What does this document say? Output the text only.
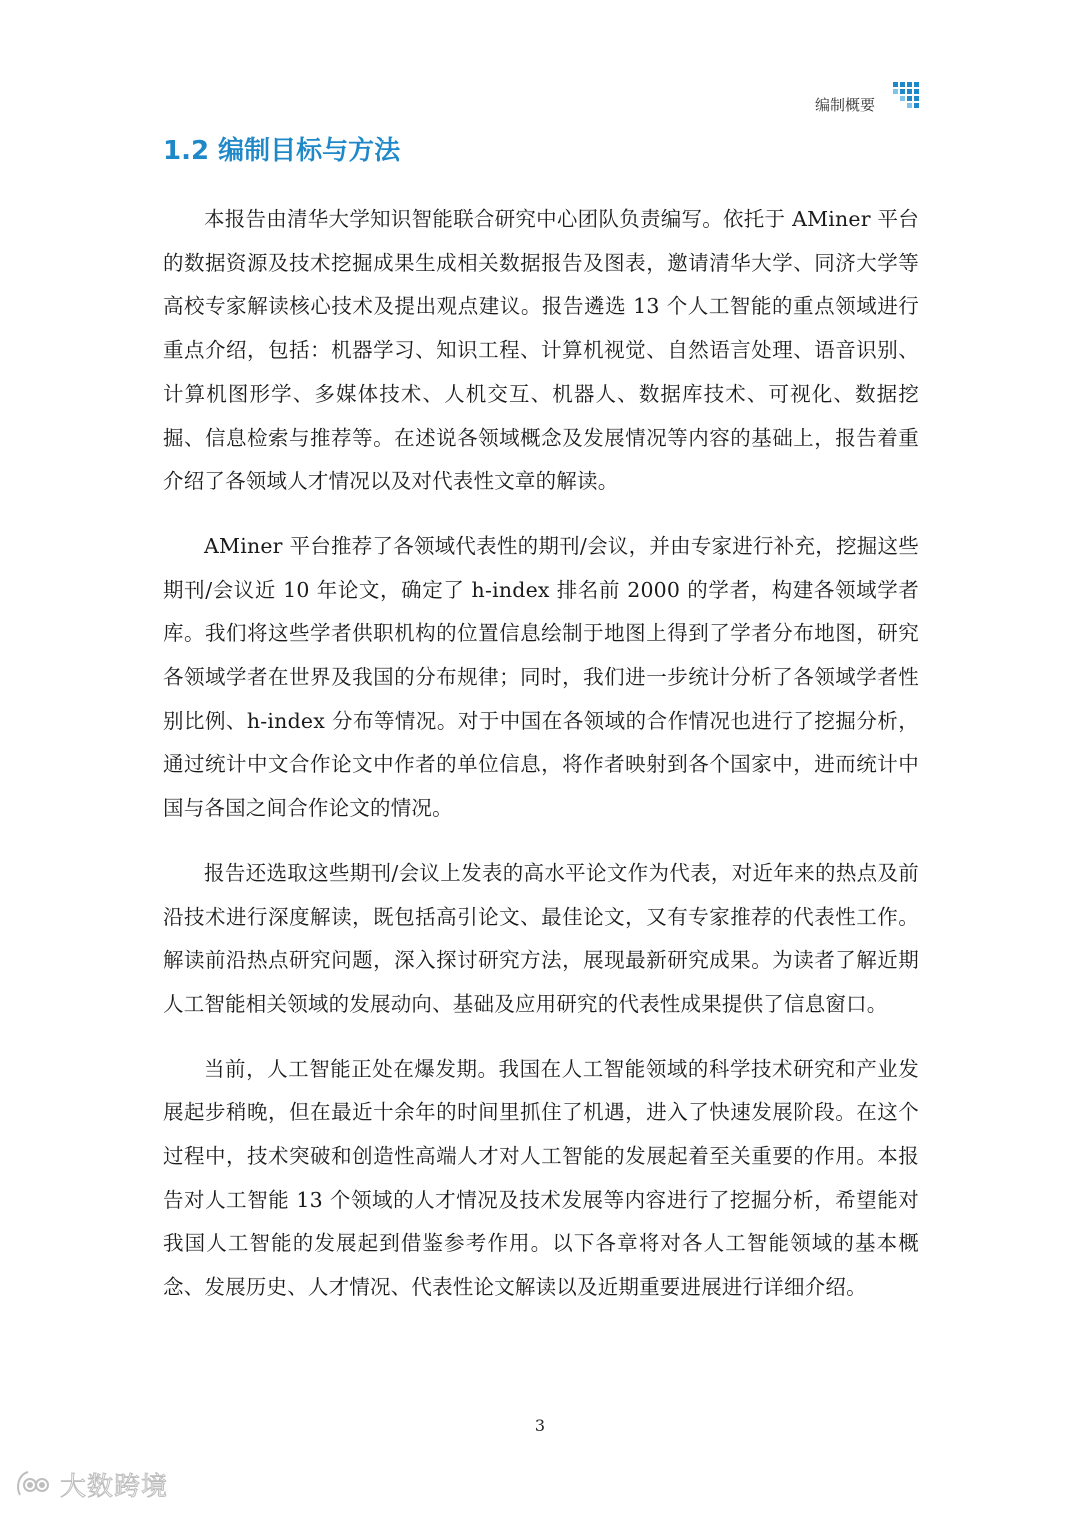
编制概要
1.2 编制目标与方法

本报告由清华大学知识智能联合研究中心团队负责编写。依托于 AMiner 平台的数据资源及技术挖掘成果生成相关数据报告及图表，邀请清华大学、同济大学等高校专家解读核心技术及提出观点建议。报告遴选 13 个人工智能的重点领域进行重点介绍，包括：机器学习、知识工程、计算机视觉、自然语言处理、语音识别、计算机图形学、多媒体技术、人机交互、机器人、数据库技术、可视化、数据挖掘、信息检索与推荐等。在述说各领域概念及发展情况等内容的基础上，报告着重介绍了各领域人才情况以及对代表性文章的解读。

AMiner 平台推荐了各领域代表性的期刊/会议，并由专家进行补充，挖掘这些期刊/会议近 10 年论文，确定了 h-index 排名前 2000 的学者，构建各领域学者库。我们将这些学者供职机构的位置信息绘制于地图上得到了学者分布地图，研究各领域学者在世界及我国的分布规律；同时，我们进一步统计分析了各领域学者性别比例、h-index 分布等情况。对于中国在各领域的合作情况也进行了挖掘分析，通过统计中文合作论文中作者的单位信息，将作者映射到各个国家中，进而统计中国与各国之间合作论文的情况。

报告还选取这些期刊/会议上发表的高水平论文作为代表，对近年来的热点及前沿技术进行深度解读，既包括高引论文、最佳论文，又有专家推荐的代表性工作。解读前沿热点研究问题，深入探讨研究方法，展现最新研究成果。为读者了解近期人工智能相关领域的发展动向、基础及应用研究的代表性成果提供了信息窗口。

当前，人工智能正处在爆发期。我国在人工智能领域的科学技术研究和产业发展起步稍晚，但在最近十余年的时间里抓住了机遇，进入了快速发展阶段。在这个过程中，技术突破和创造性高端人才对人工智能的发展起着至关重要的作用。本报告对人工智能 13 个领域的人才情况及技术发展等内容进行了挖掘分析，希望能对我国人工智能的发展起到借鉴参考作用。以下各章将对各人工智能领域的基本概念、发展历史、人才情况、代表性论文解读以及近期重要进展进行详细介绍。

3
大数跨境
